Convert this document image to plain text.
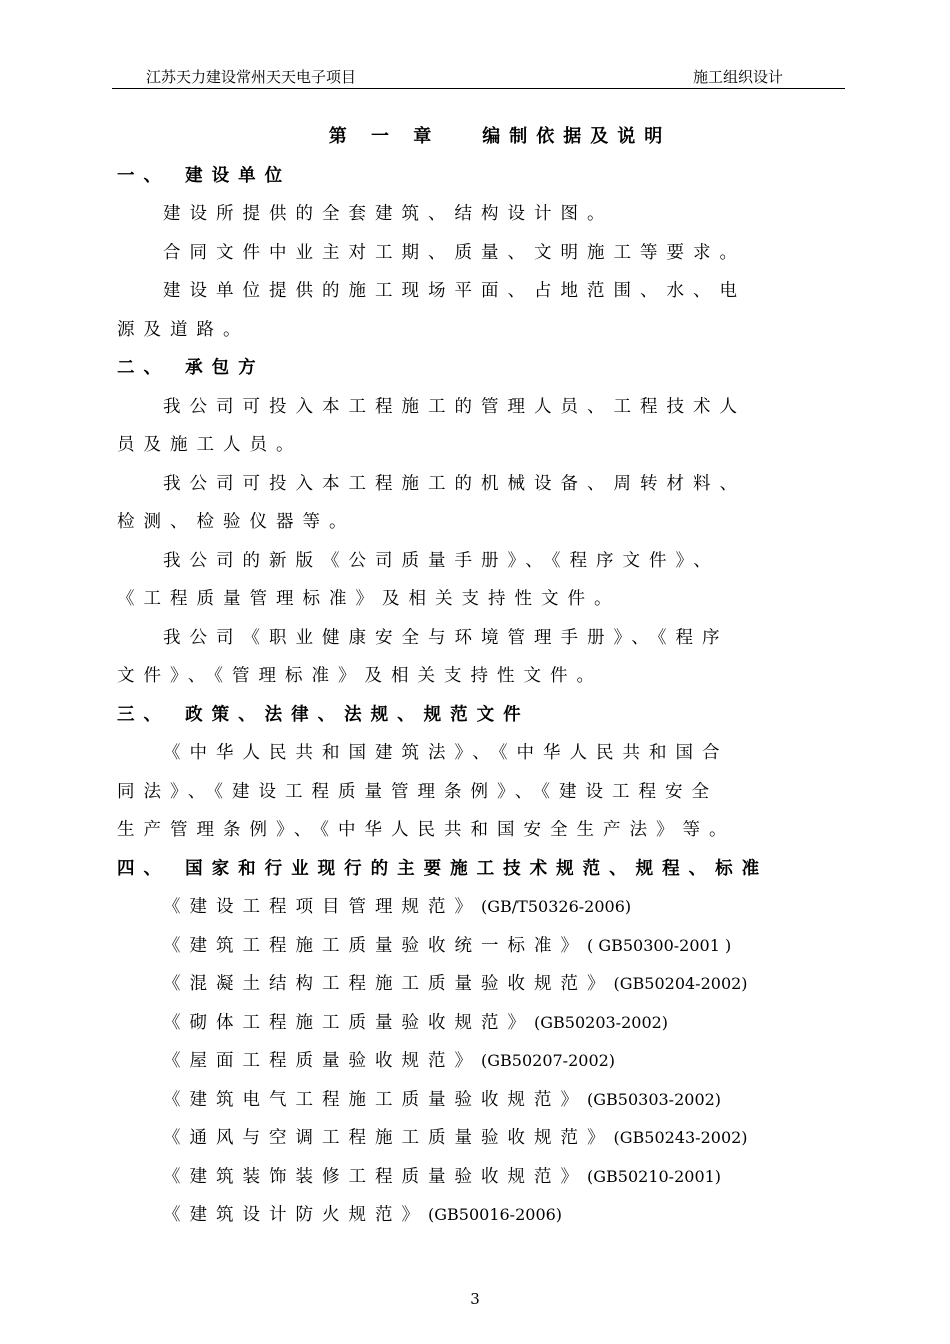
江苏天力建设常州天天电子项目	施工组织设计
第 一 章 编制依据及说明
一、 建设单位
建设所提供的全套建筑、结构设计图。
合同文件中业主对工期、质量、文明施工等要求。
建设单位提供的施工现场平面、占地范围、水、电
源及道路。
二、 承包方
我公司可投入本工程施工的管理人员、工程技术人
员及施工人员。
我公司可投入本工程施工的机械设备、周转材料、
检测、检验仪器等。
我公司的新版《公司质量手册》、《程序文件》、
《工程质量管理标准》及相关支持性文件。
我公司《职业健康安全与环境管理手册》、《程序
文件》、《管理标准》及相关支持性文件。
三、 政策、法律、法规、规范文件
《中华人民共和国建筑法》、《中华人民共和国合
同法》、《建设工程质量管理条例》、《建设工程安全
生产管理条例》、《中华人民共和国安全生产法》等。
四、 国家和行业现行的主要施工技术规范、规程、标准
《建设工程项目管理规范》(GB/T50326-2006)
《建筑工程施工质量验收统一标准》( GB50300-2001 )
《混凝土结构工程施工质量验收规范》(GB50204-2002)
《砌体工程施工质量验收规范》(GB50203-2002)
《屋面工程质量验收规范》(GB50207-2002)
《建筑电气工程施工质量验收规范》(GB50303-2002)
《通风与空调工程施工质量验收规范》(GB50243-2002)
《建筑装饰装修工程质量验收规范》(GB50210-2001)
《建筑设计防火规范》(GB50016-2006)
3
